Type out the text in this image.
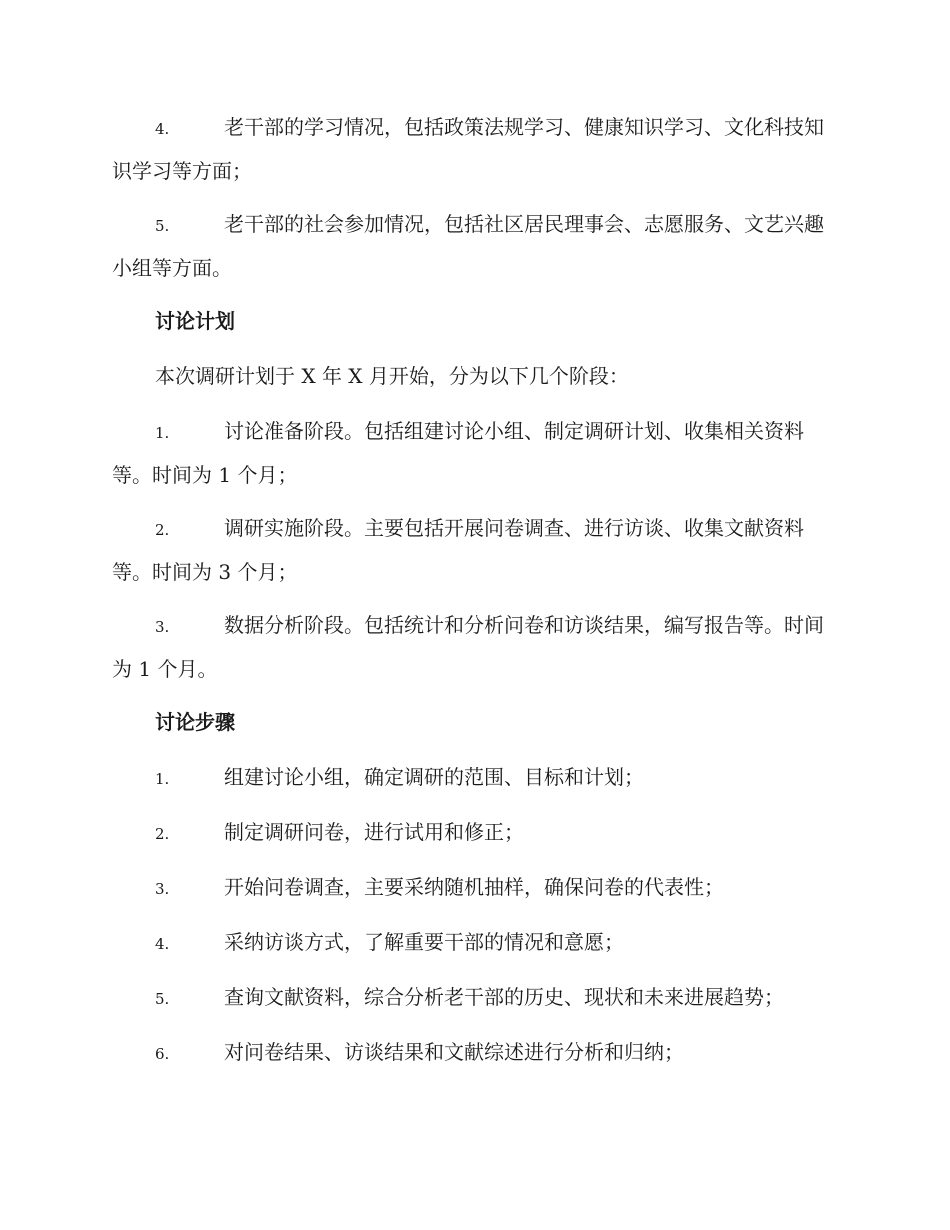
4.	老干部的学习情况，包括政策法规学习、健康知识学习、文化科技知识学习等方面；

5.	老干部的社会参加情况，包括社区居民理事会、志愿服务、文艺兴趣小组等方面。

讨论计划

本次调研计划于 X 年 X 月开始，分为以下几个阶段：

1.	讨论准备阶段。包括组建讨论小组、制定调研计划、收集相关资料等。时间为 1 个月；

2.	调研实施阶段。主要包括开展问卷调查、进行访谈、收集文献资料等。时间为 3 个月；

3.	数据分析阶段。包括统计和分析问卷和访谈结果，编写报告等。时间为 1 个月。

讨论步骤

1.	组建讨论小组，确定调研的范围、目标和计划；

2.	制定调研问卷，进行试用和修正；

3.	开始问卷调查，主要采纳随机抽样，确保问卷的代表性；

4.	采纳访谈方式，了解重要干部的情况和意愿；

5.	查询文献资料，综合分析老干部的历史、现状和未来进展趋势；

6.	对问卷结果、访谈结果和文献综述进行分析和归纳；
